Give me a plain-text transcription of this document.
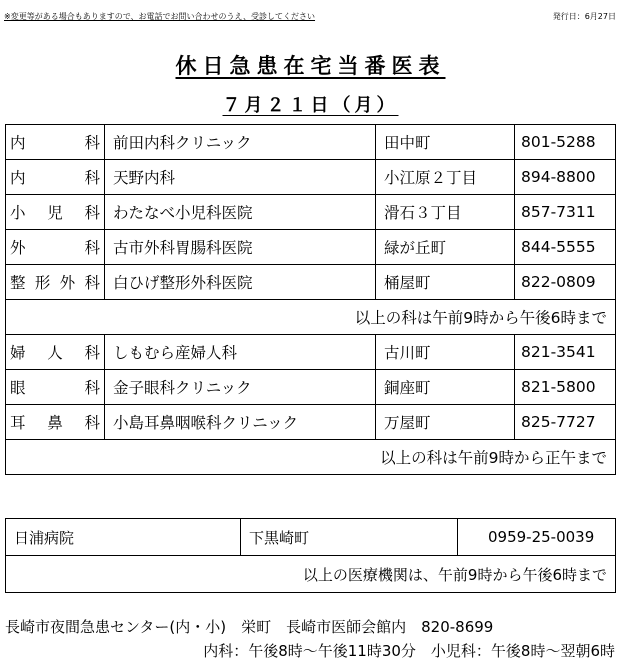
※変更等がある場合もありますので、お電話でお問い合わせのうえ、受診してください	発行日：6月27日
休日急患在宅当番医表
７月２１日（月）
内 科	前田内科クリニック	田中町	801-5288

内 科	天野内科	小江原２丁目	894-8800

小 児 科	わたなべ小児科医院	滑石３丁目	857-7311

外 科	古市外科胃腸科医院	緑が丘町	844-5555

整 形 外 科	白ひげ整形外科医院	桶屋町	822-0809
以上の科は午前9時から午後6時まで			

婦 人 科	しもむら産婦人科	古川町	821-3541

眼 科	金子眼科クリニック	銅座町	821-5800

耳 鼻 科	小島耳鼻咽喉科クリニック	万屋町	825-7727
以上の科は午前9時から正午まで			
日浦病院	下黒崎町	0959-25-0039
以上の医療機関は、午前9時から午後6時まで
長崎市夜間急患センター(内・小)　栄町　長崎市医師会館内　820-8699
内科：午後8時～午後11時30分　小児科：午後8時～翌朝6時
